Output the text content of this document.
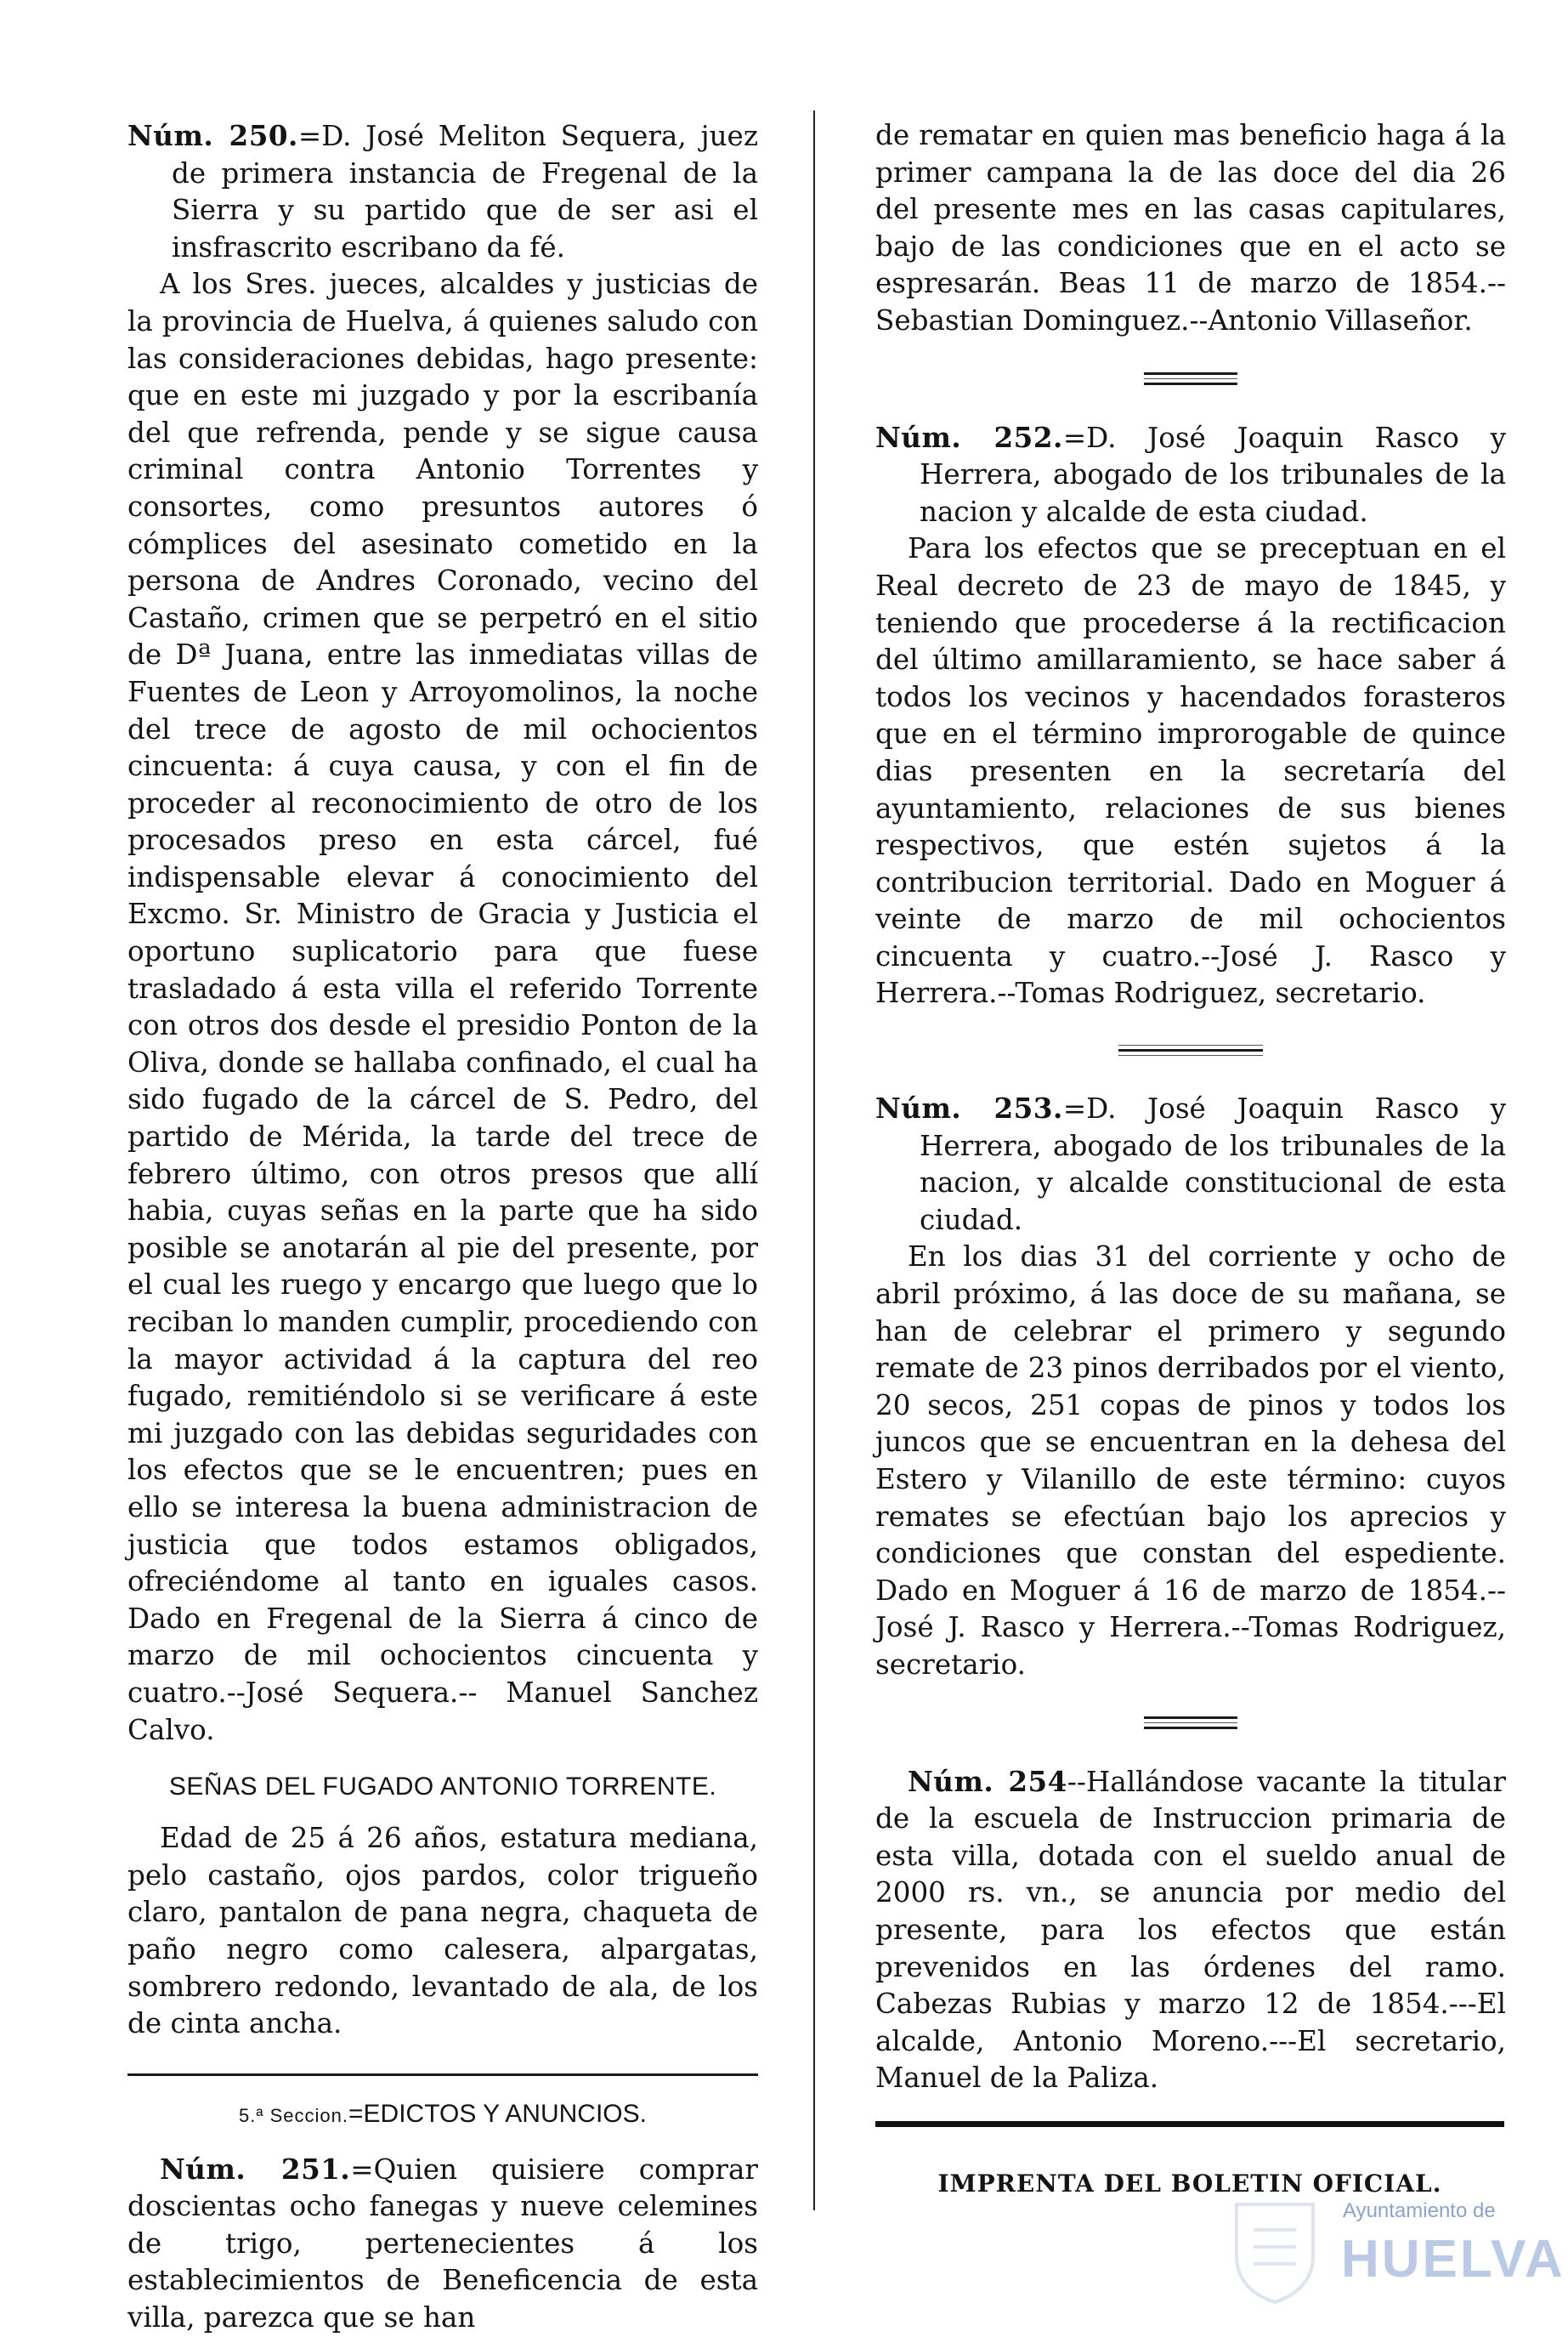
Núm. 250.=D. José Meliton Sequera, juez de primera instancia de Fregenal de la Sierra y su partido que de ser asi el insfrascrito escribano da fé.

A los Sres. jueces, alcaldes y justicias de la provincia de Huelva, á quienes saludo con las consideraciones debidas, hago presente: que en este mi juzgado y por la escribanía del que refrenda, pende y se sigue causa criminal contra Antonio Torrentes y consortes, como presuntos autores ó cómplices del asesinato cometido en la persona de Andres Coronado, vecino del Castaño, crimen que se perpetró en el sitio de Dª Juana, entre las inmediatas villas de Fuentes de Leon y Arroyomolinos, la noche del trece de agosto de mil ochocientos cincuenta: á cuya causa, y con el fin de proceder al reconocimiento de otro de los procesados preso en esta cárcel, fué indispensable elevar á conocimiento del Excmo. Sr. Ministro de Gracia y Justicia el oportuno suplicatorio para que fuese trasladado á esta villa el referido Torrente con otros dos desde el presidio Ponton de la Oliva, donde se hallaba confinado, el cual ha sido fugado de la cárcel de S. Pedro, del partido de Mérida, la tarde del trece de febrero último, con otros presos que allí habia, cuyas señas en la parte que ha sido posible se anotarán al pie del presente, por el cual les ruego y encargo que luego que lo reciban lo manden cumplir, procediendo con la mayor actividad á la captura del reo fugado, remitiéndolo si se verificare á este mi juzgado con las debidas seguridades con los efectos que se le encuentren; pues en ello se interesa la buena administracion de justicia que todos estamos obligados, ofreciéndome al tanto en iguales casos. Dado en Fregenal de la Sierra á cinco de marzo de mil ochocientos cincuenta y cuatro.--José Sequera.-- Manuel Sanchez Calvo.

SEÑAS DEL FUGADO ANTONIO TORRENTE.

Edad de 25 á 26 años, estatura mediana, pelo castaño, ojos pardos, color trigueño claro, pantalon de pana negra, chaqueta de paño negro como calesera, alpargatas, sombrero redondo, levantado de ala, de los de cinta ancha.

5.ª Seccion.=EDICTOS Y ANUNCIOS.

Núm. 251.=Quien quisiere comprar doscientas ocho fanegas y nueve celemines de trigo, pertenecientes á los establecimientos de Beneficencia de esta villa, parezca que se han

de rematar en quien mas beneficio haga á la primer campana la de las doce del dia 26 del presente mes en las casas capitulares, bajo de las condiciones que en el acto se espresarán. Beas 11 de marzo de 1854.--Sebastian Dominguez.--Antonio Villaseñor.

Núm. 252.=D. José Joaquin Rasco y Herrera, abogado de los tribunales de la nacion y alcalde de esta ciudad.

Para los efectos que se preceptuan en el Real decreto de 23 de mayo de 1845, y teniendo que procederse á la rectificacion del último amillaramiento, se hace saber á todos los vecinos y hacendados forasteros que en el término improrogable de quince dias presenten en la secretaría del ayuntamiento, relaciones de sus bienes respectivos, que estén sujetos á la contribucion territorial. Dado en Moguer á veinte de marzo de mil ochocientos cincuenta y cuatro.--José J. Rasco y Herrera.--Tomas Rodriguez, secretario.

Núm. 253.=D. José Joaquin Rasco y Herrera, abogado de los tribunales de la nacion, y alcalde constitucional de esta ciudad.

En los dias 31 del corriente y ocho de abril próximo, á las doce de su mañana, se han de celebrar el primero y segundo remate de 23 pinos derribados por el viento, 20 secos, 251 copas de pinos y todos los juncos que se encuentran en la dehesa del Estero y Vilanillo de este término: cuyos remates se efectúan bajo los aprecios y condiciones que constan del espediente. Dado en Moguer á 16 de marzo de 1854.--José J. Rasco y Herrera.--Tomas Rodriguez, secretario.

Núm. 254--Hallándose vacante la titular de la escuela de Instruccion primaria de esta villa, dotada con el sueldo anual de 2000 rs. vn., se anuncia por medio del presente, para los efectos que están prevenidos en las órdenes del ramo. Cabezas Rubias y marzo 12 de 1854.---El alcalde, Antonio Moreno.---El secretario, Manuel de la Paliza.

IMPRENTA DEL BOLETIN OFICIAL.
Ayuntamiento de
HUELVA
